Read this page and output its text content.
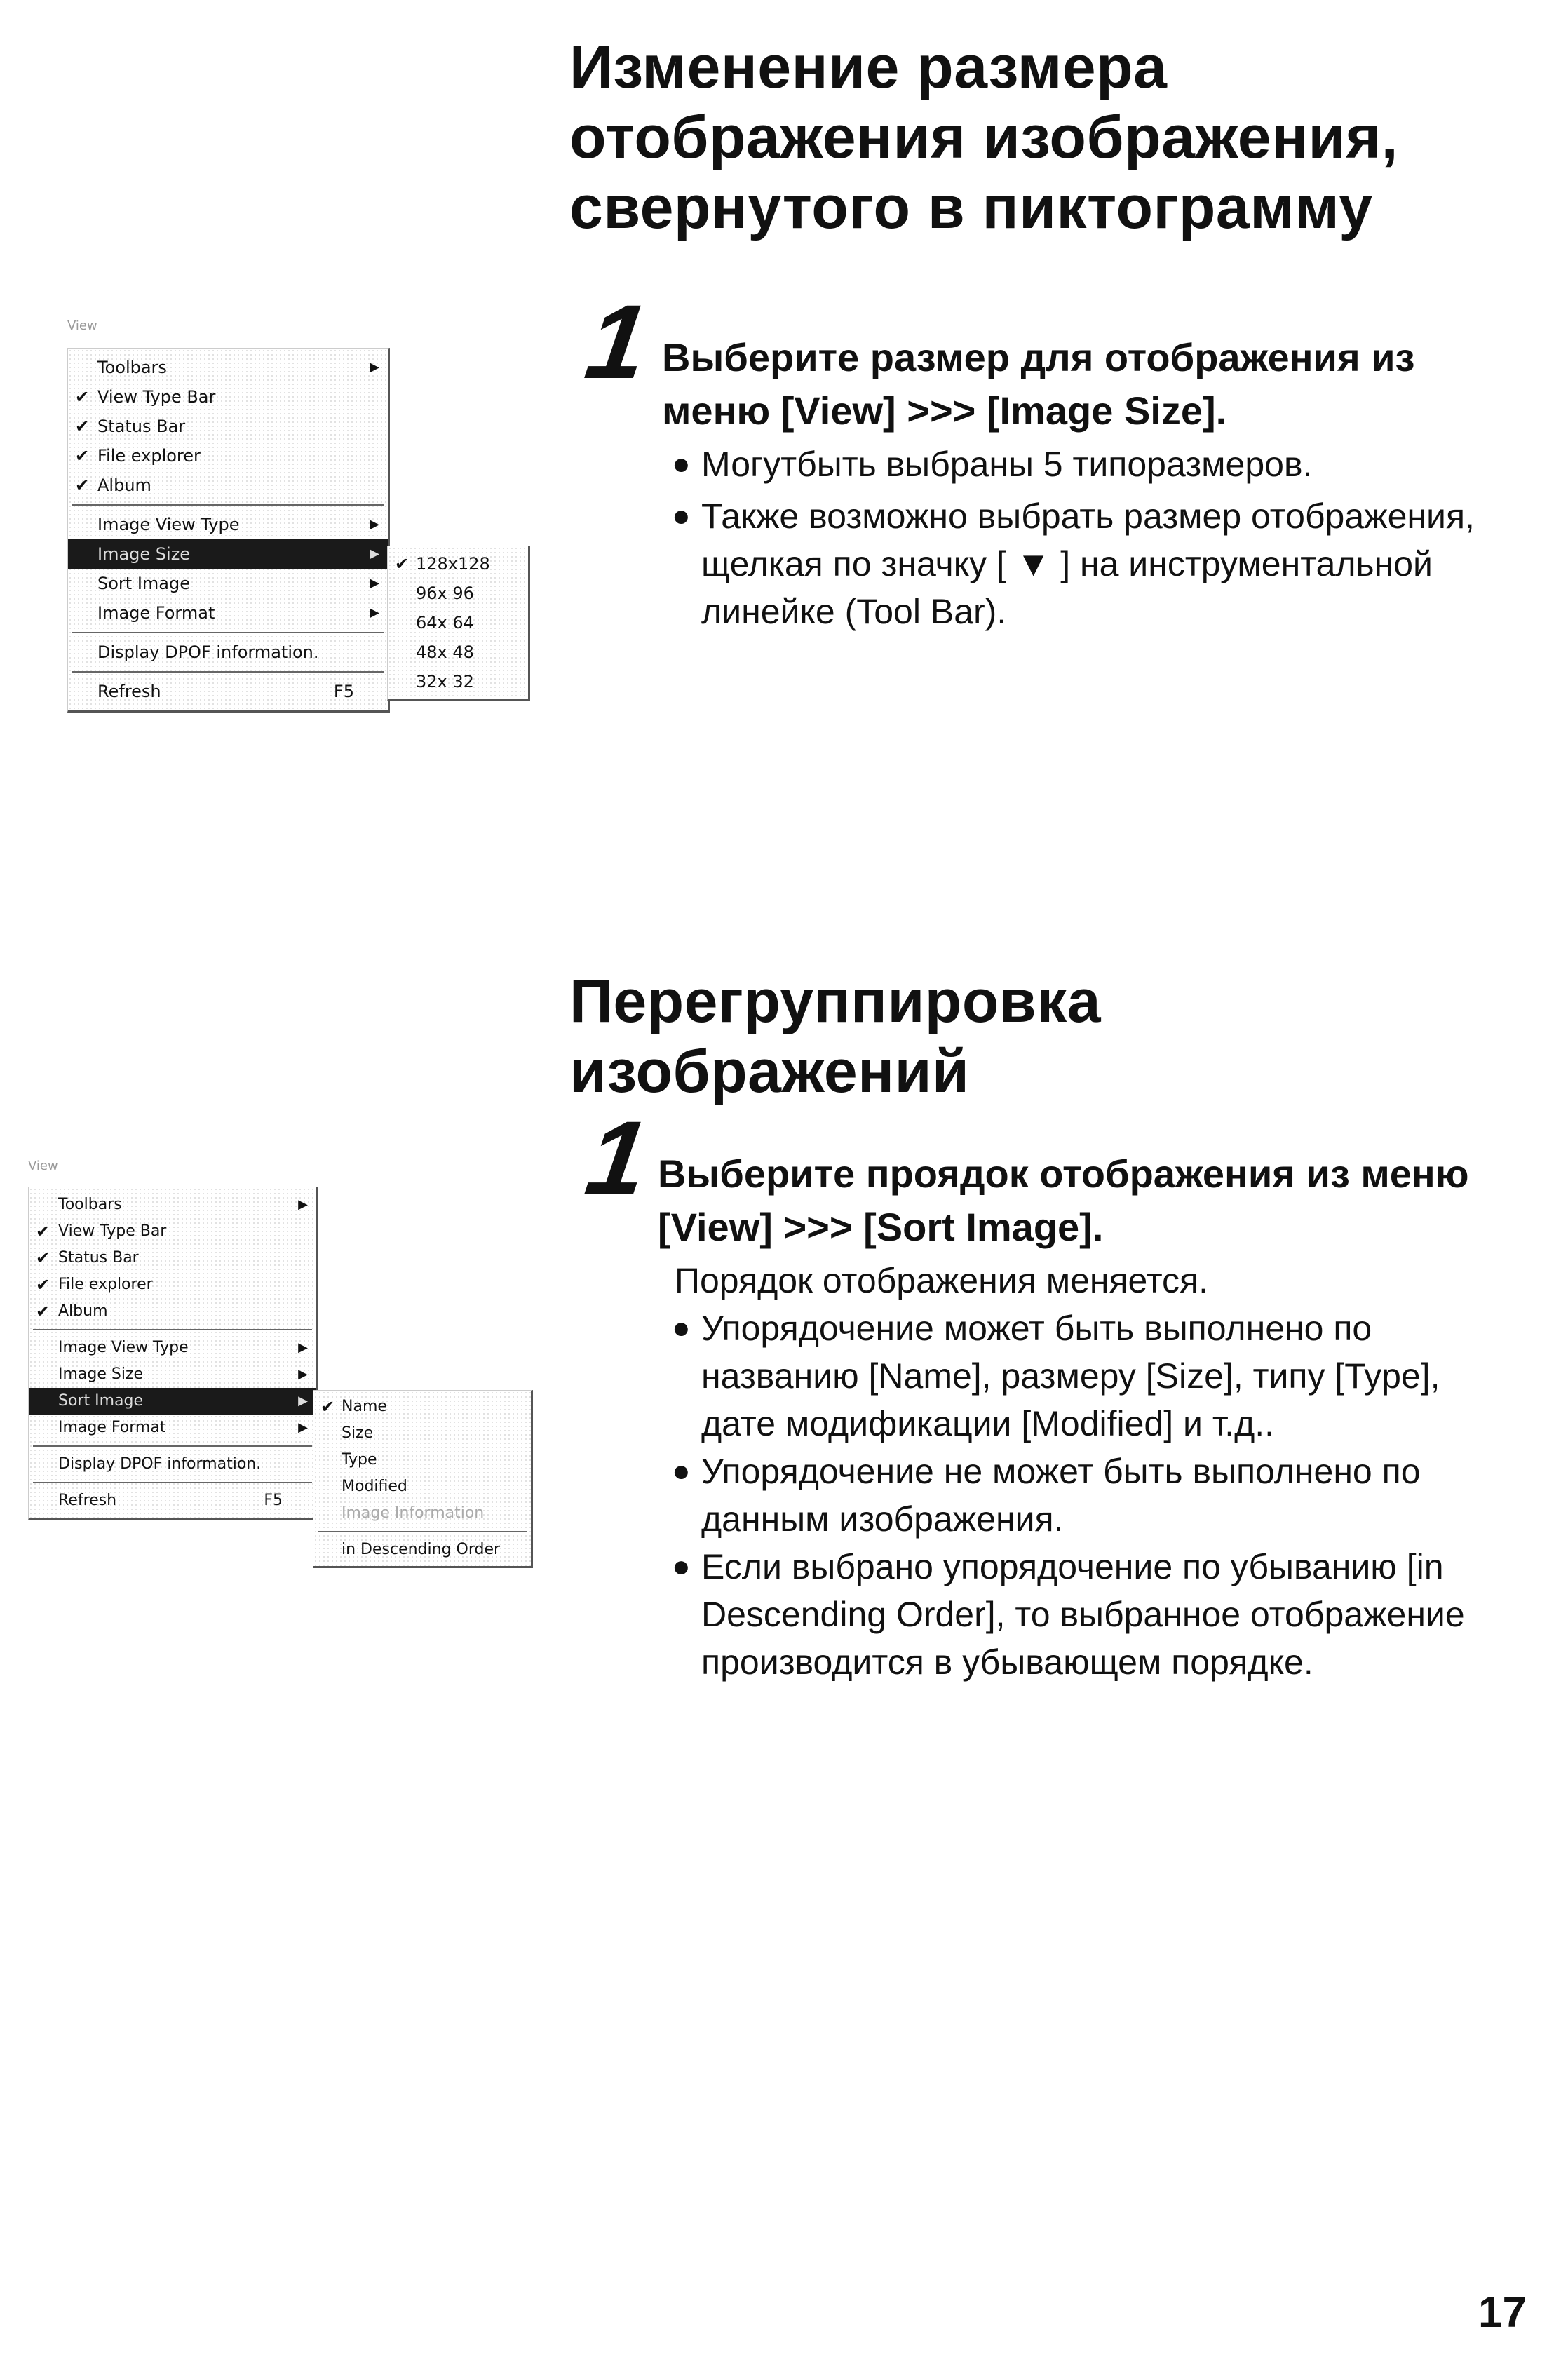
Изменение размера
отображения изображения,
свернутого в пиктограмму
1 Выберите размер для отображения из
меню [View] >>> [Image Size].
● Могутбыть выбраны 5 типоразмеров.
● Также возможно выбрать размер отображения,
щелкая по значку [ ▼ ] на инструментальной
линейке (Tool Bar).
View
Toolbars	▶
✔ View Type Bar
✔ Status Bar
✔ File explorer
✔ Album
Image View Type	▶
Image Size	▶
Sort Image	▶
Image Format	▶
Display DPOF information.
Refresh	F5
✔ 128x128
96x 96
64x 64
48x 48
32x 32
Перегруппировка
изображений
1 Выберите проядок отображения из меню
[View] >>> [Sort Image].
Порядок отображения меняется.
● Упорядочение может быть выполнено по
названию [Name], размеру [Size], типу [Type],
дате модификации [Modified] и т.д..
● Упорядочение не может быть выполнено по
данным изображения.
● Если выбрано упорядочение по убыванию [in
Descending Order], то выбранное отображение
производится в убывающем порядке.
View
Toolbars	▶
✔ View Type Bar
✔ Status Bar
✔ File explorer
✔ Album
Image View Type	▶
Image Size	▶
Sort Image	▶
Image Format	▶
Display DPOF information.
Refresh	F5
✔ Name
Size
Type
Modified
Image Information
in Descending Order
17
